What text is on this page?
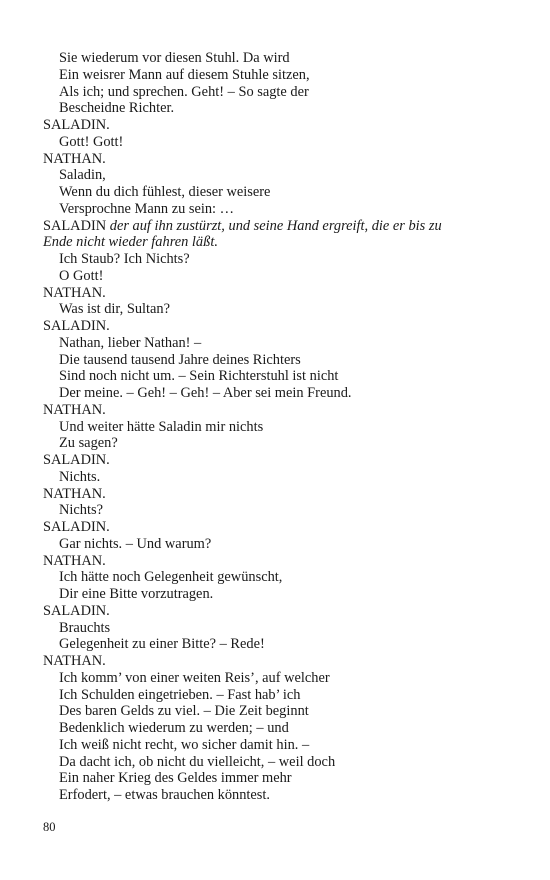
Sie wiederum vor diesen Stuhl. Da wird
Ein weisrer Mann auf diesem Stuhle sitzen,
Als ich; und sprechen. Geht! – So sagte der
Bescheidne Richter.
SALADIN.
Gott! Gott!
NATHAN.
Saladin,
Wenn du dich fühlest, dieser weisere
Versprochne Mann zu sein: …
SALADIN der auf ihn zustürzt, und seine Hand ergreift, die er bis zu
Ende nicht wieder fahren läßt.
Ich Staub? Ich Nichts?
O Gott!
NATHAN.
Was ist dir, Sultan?
SALADIN.
Nathan, lieber Nathan! –
Die tausend tausend Jahre deines Richters
Sind noch nicht um. – Sein Richterstuhl ist nicht
Der meine. – Geh! – Geh! – Aber sei mein Freund.
NATHAN.
Und weiter hätte Saladin mir nichts
Zu sagen?
SALADIN.
Nichts.
NATHAN.
Nichts?
SALADIN.
Gar nichts. – Und warum?
NATHAN.
Ich hätte noch Gelegenheit gewünscht,
Dir eine Bitte vorzutragen.
SALADIN.
Brauchts
Gelegenheit zu einer Bitte? – Rede!
NATHAN.
Ich komm’ von einer weiten Reis’, auf welcher
Ich Schulden eingetrieben. – Fast hab’ ich
Des baren Gelds zu viel. – Die Zeit beginnt
Bedenklich wiederum zu werden; – und
Ich weiß nicht recht, wo sicher damit hin. –
Da dacht ich, ob nicht du vielleicht, – weil doch
Ein naher Krieg des Geldes immer mehr
Erfodert, – etwas brauchen könntest.
80
